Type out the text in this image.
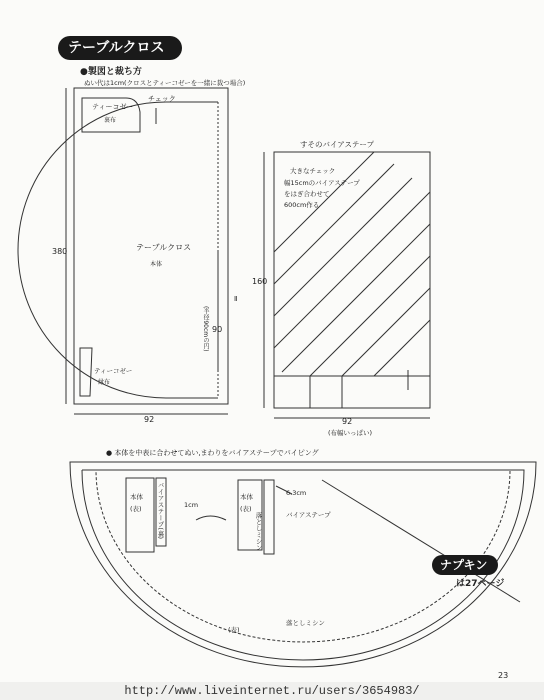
テーブルクロス
●製図と裁ち方
ぬい代は1cm(クロスとティーコゼーを一緒に裁つ場合)
チェック
ティーコゼー
裏布
テーブルクロス
本体
Ⅱ
(半径90cmの円) 90
ティーコゼー
縁布
380
92
すそのバイアステープ
大きなチェック
幅15cmのバイアステープ
をはぎ合わせて
600cm作る
160
92
(布幅いっぱい)
● 本体を中表に合わせてぬい,まわりをバイアステープでパイピング
本体
(表) バイアステープ(裏)	1cm
本体
(表)
落としミシン
6.3cm
バイアステープ
(表)
落としミシン
ナプキン
は27ページ
23
http://www.liveinternet.ru/users/3654983/
